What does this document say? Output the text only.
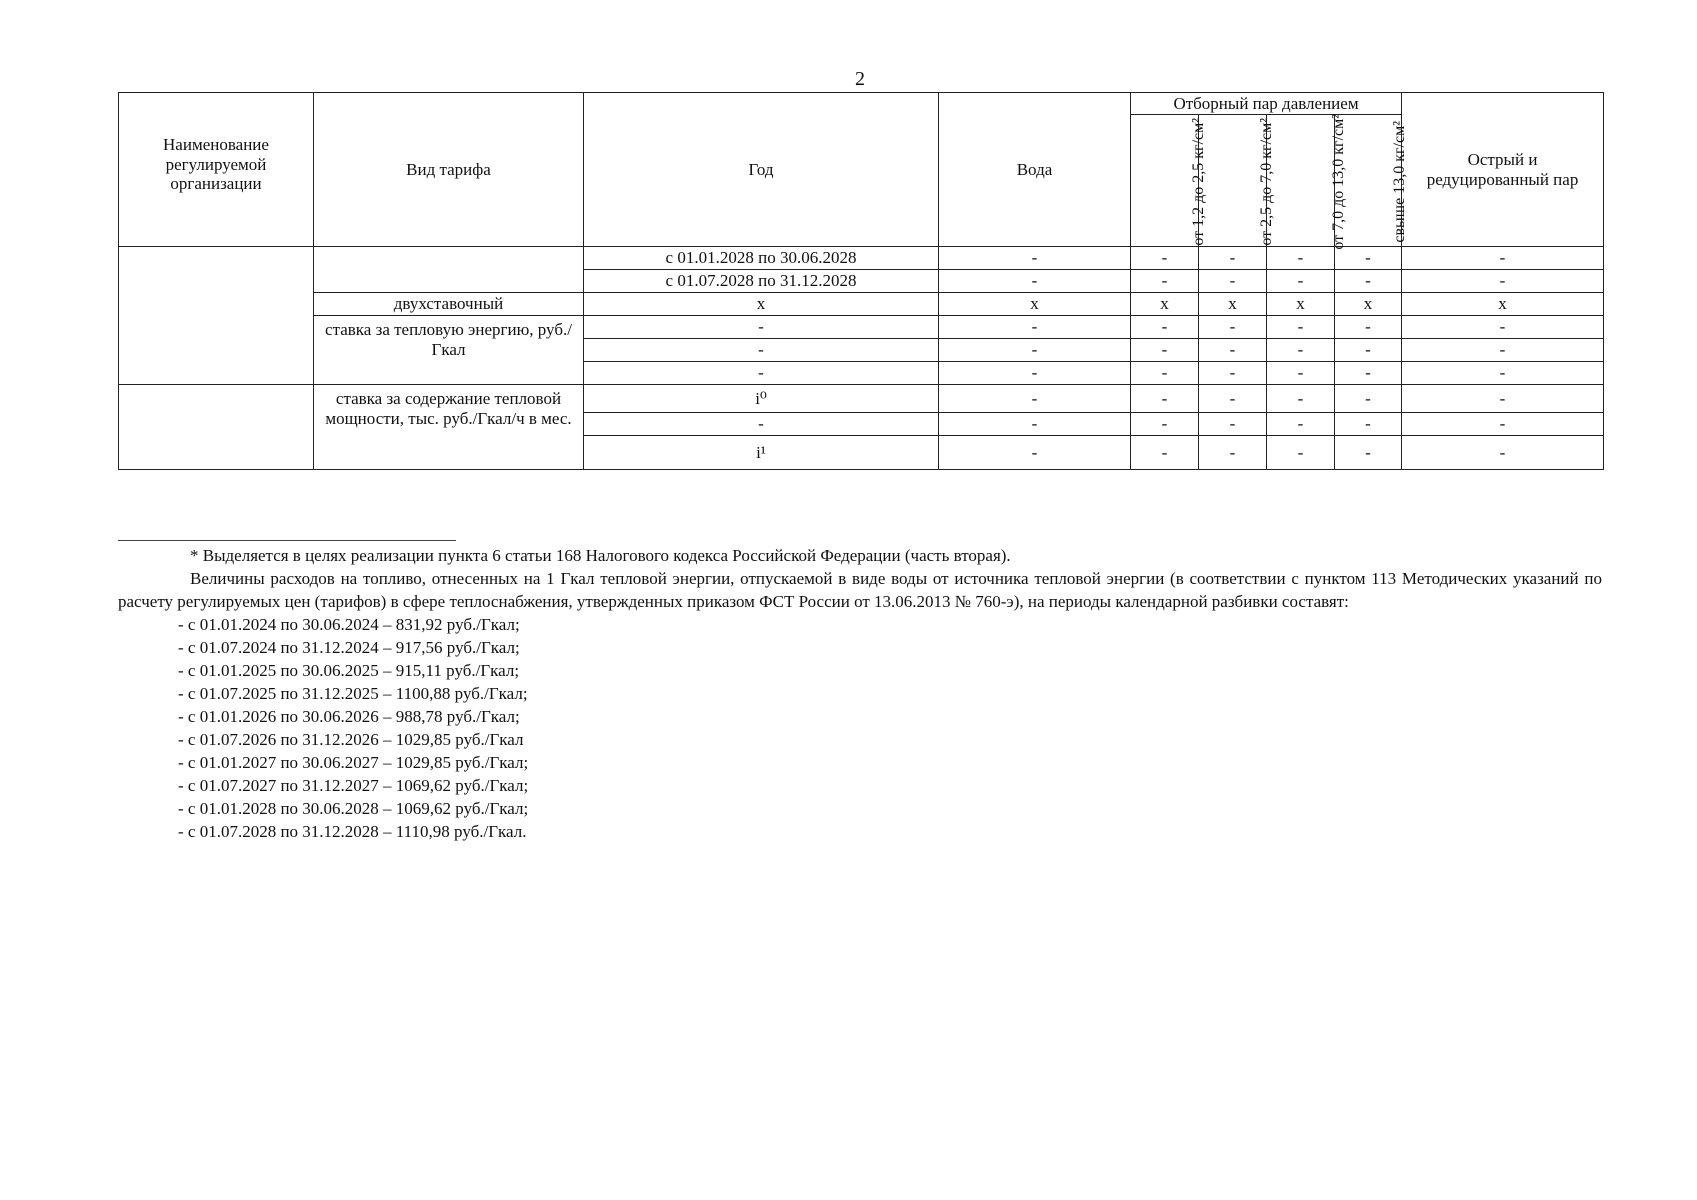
2
Наименование регулируемой организации	Вид тарифа	Год	Вода	Отборный пар давлением				Острый и редуцированный пар
				от 1,2 до 2,5 кг/см²	от 2,5 до 7,0 кг/см²	от 7,0 до 13,0 кг/см²	свыше 13,0 кг/см²	
		с 01.01.2028 по 30.06.2028	-	-	-	-	-	-
		с 01.07.2028 по 31.12.2028	-	-	-	-	-	-
	двухставочный	x	x	x	x	x	x	x
	ставка за тепловую энергию, руб./Гкал	-	-	-	-	-	-	-
		-	-	-	-	-	-	-
		-	-	-	-	-	-	-
	ставка за содержание тепловой мощности, тыс. руб./Гкал/ч в мес.	i⁰	-	-	-	-	-	-
		-	-	-	-	-	-	-
		i¹	-	-	-	-	-	-

* Выделяется в целях реализации пункта 6 статьи 168 Налогового кодекса Российской Федерации (часть вторая).

Величины расходов на топливо, отнесенных на 1 Гкал тепловой энергии, отпускаемой в виде воды от источника тепловой энергии (в соответствии с пунктом 113 Методических указаний по расчету регулируемых цен (тарифов) в сфере теплоснабжения, утвержденных приказом ФСТ России от 13.06.2013 № 760-э), на периоды календарной разбивки составят:

- с 01.01.2024 по 30.06.2024 – 831,92 руб./Гкал;
- с 01.07.2024 по 31.12.2024 – 917,56 руб./Гкал;
- с 01.01.2025 по 30.06.2025 – 915,11 руб./Гкал;
- с 01.07.2025 по 31.12.2025 – 1100,88 руб./Гкал;
- с 01.01.2026 по 30.06.2026 – 988,78 руб./Гкал;
- с 01.07.2026 по 31.12.2026 – 1029,85 руб./Гкал
- с 01.01.2027 по 30.06.2027 – 1029,85 руб./Гкал;
- с 01.07.2027 по 31.12.2027 – 1069,62 руб./Гкал;
- с 01.01.2028 по 30.06.2028 – 1069,62 руб./Гкал;
- с 01.07.2028 по 31.12.2028 – 1110,98 руб./Гкал.
